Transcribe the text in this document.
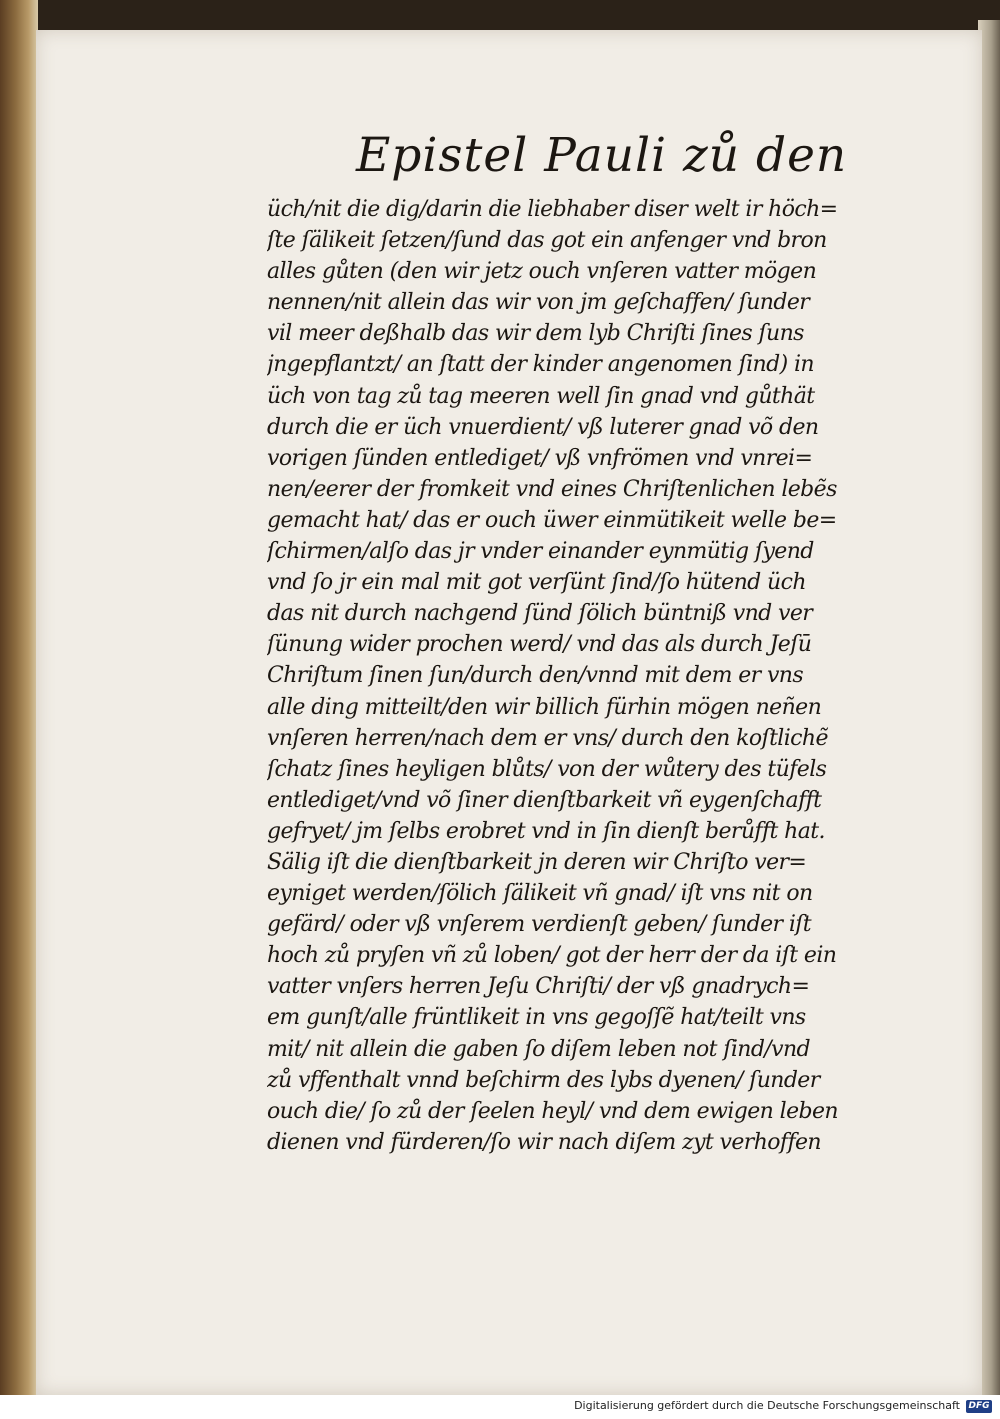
Epistel Pauli zů den
üch/nit die dig/darin die liebhaber diser welt ir höch=
ſte ſälikeit ſetzen/ſund das got ein anfenger vnd bron
alles gůten (den wir jetz ouch vnſeren vatter mögen
nennen/nit allein das wir von jm geſchaffen/ ſunder
vil meer deßhalb das wir dem lyb Chriſti ſines ſuns
jngepflantzt/ an ſtatt der kinder angenomen ſind) in
üch von tag zů tag meeren well ſin gnad vnd gůthät
durch die er üch vnuerdient/ vß luterer gnad võ den
vorigen ſünden entlediget/ vß vnfrömen vnd vnrei=
nen/eerer der fromkeit vnd eines Chriſtenlichen lebẽs
gemacht hat/ das er ouch üwer einmütikeit welle be=
ſchirmen/alſo das jr vnder einander eynmütig ſyend
vnd ſo jr ein mal mit got verſünt ſind/ſo hütend üch
das nit durch nachgend ſünd ſölich büntniß vnd ver
ſünung wider prochen werd/ vnd das als durch Jeſū
Chriſtum ſinen ſun/durch den/vnnd mit dem er vns
alle ding mitteilt/den wir billich fürhin mögen neñen
vnſeren herren/nach dem er vns/ durch den koſtlichẽ
ſchatz ſines heyligen blůts/ von der wůtery des tüfels
entlediget/vnd võ ſiner dienſtbarkeit vñ eygenſchafft
gefryet/ jm ſelbs erobret vnd in ſin dienſt berůfft hat.
Sälig iſt die dienſtbarkeit jn deren wir Chriſto ver=
eyniget werden/ſölich ſälikeit vñ gnad/ iſt vns nit on
gefärd/ oder vß vnſerem verdienſt geben/ ſunder iſt
hoch zů pryſen vñ zů loben/ got der herr der da iſt ein
vatter vnſers herren Jeſu Chriſti/ der vß gnadrych=
em gunſt/alle früntlikeit in vns gegoſſẽ hat/teilt vns
mit/ nit allein die gaben ſo diſem leben not ſind/vnd
zů vffenthalt vnnd beſchirm des lybs dyenen/ ſunder
ouch die/ ſo zů der ſeelen heyl/ vnd dem ewigen leben
dienen vnd fürderen/ſo wir nach diſem zyt verhoffen
Digitalisierung gefördert durch die Deutsche Forschungsgemeinschaft DFG
